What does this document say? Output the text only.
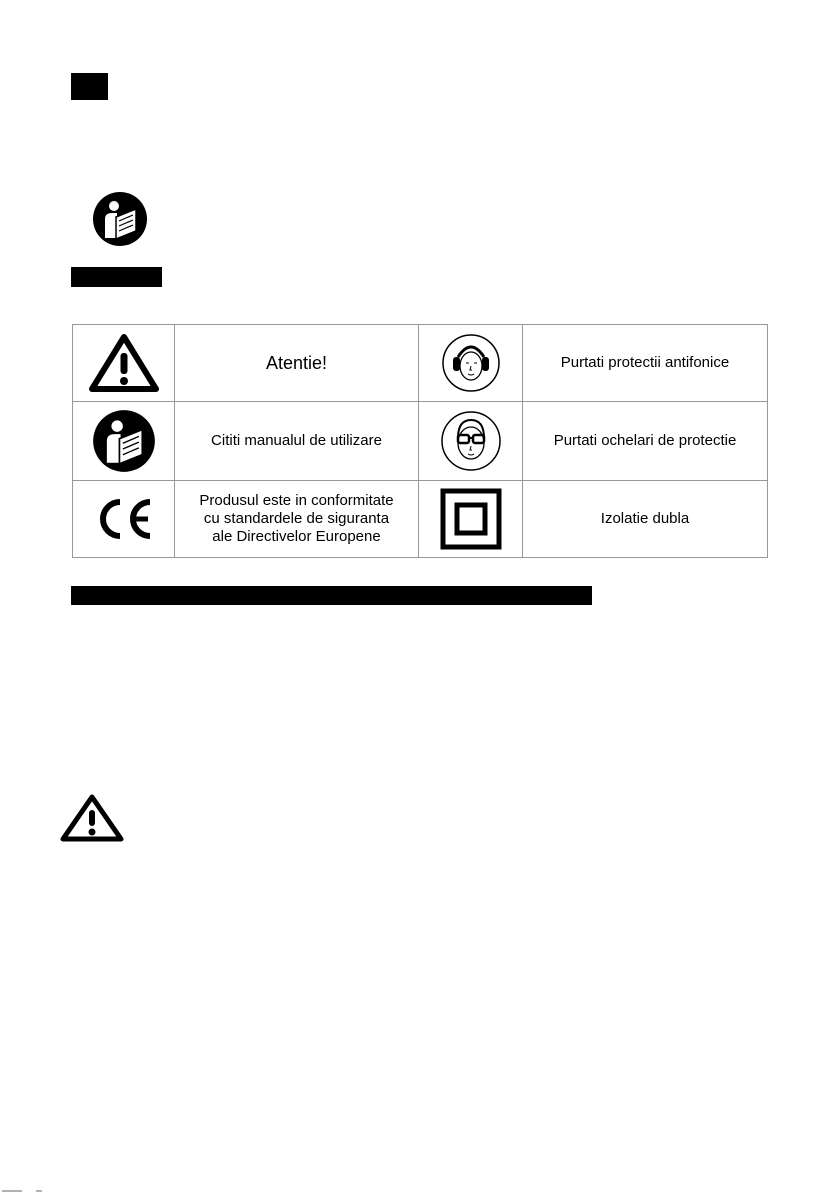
Atentie!		Purtati protectii antifonice

Cititi manualul de utilizare		Purtati ochelari de protectie

Produsul este in conformitate
cu standardele de siguranta
ale Directivelor Europene		Izolatie dubla
